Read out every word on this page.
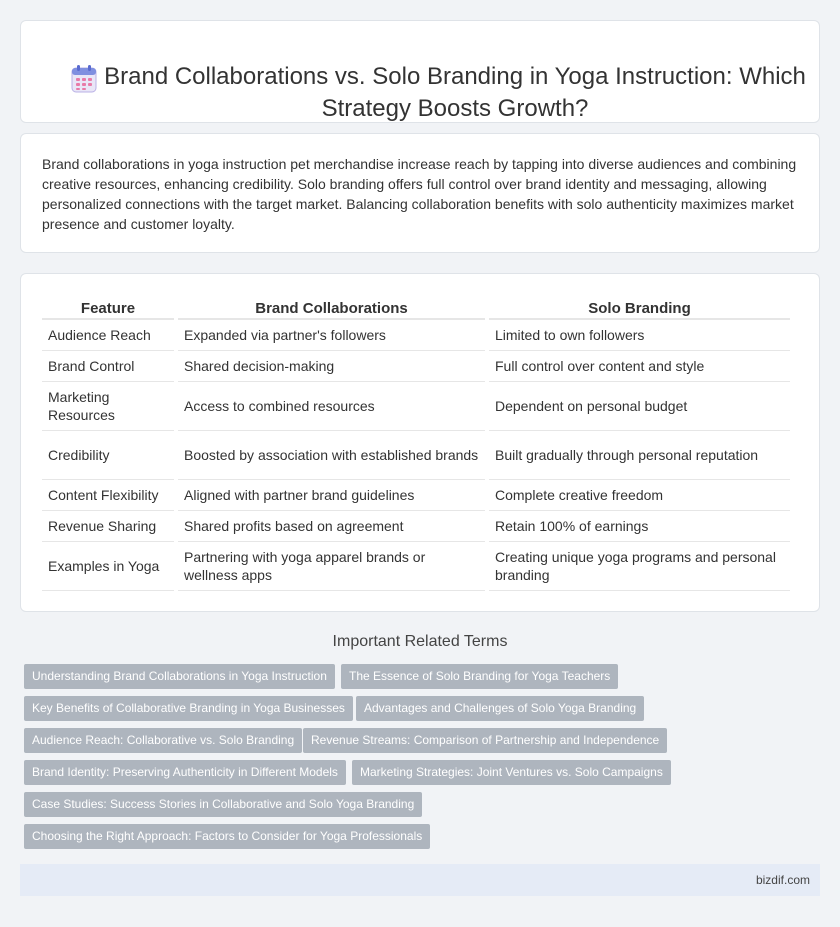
Brand Collaborations vs. Solo Branding in Yoga Instruction: Which Strategy Boosts Growth?

Brand collaborations in yoga instruction pet merchandise increase reach by tapping into diverse audiences and combining creative resources, enhancing credibility. Solo branding offers full control over brand identity and messaging, allowing personalized connections with the target market. Balancing collaboration benefits with solo authenticity maximizes market presence and customer loyalty.

Feature	Brand Collaborations	Solo Branding
Audience Reach	Expanded via partner's followers	Limited to own followers
Brand Control	Shared decision-making	Full control over content and style
Marketing Resources	Access to combined resources	Dependent on personal budget
Credibility	Boosted by association with established brands	Built gradually through personal reputation
Content Flexibility	Aligned with partner brand guidelines	Complete creative freedom
Revenue Sharing	Shared profits based on agreement	Retain 100% of earnings
Examples in Yoga	Partnering with yoga apparel brands or wellness apps	Creating unique yoga programs and personal branding
Important Related Terms
Understanding Brand Collaborations in Yoga Instruction	The Essence of Solo Branding for Yoga Teachers
Key Benefits of Collaborative Branding in Yoga Businesses	Advantages and Challenges of Solo Yoga Branding
Audience Reach: Collaborative vs. Solo Branding	Revenue Streams: Comparison of Partnership and Independence
Brand Identity: Preserving Authenticity in Different Models	Marketing Strategies: Joint Ventures vs. Solo Campaigns
Case Studies: Success Stories in Collaborative and Solo Yoga Branding
Choosing the Right Approach: Factors to Consider for Yoga Professionals
bizdif.com
